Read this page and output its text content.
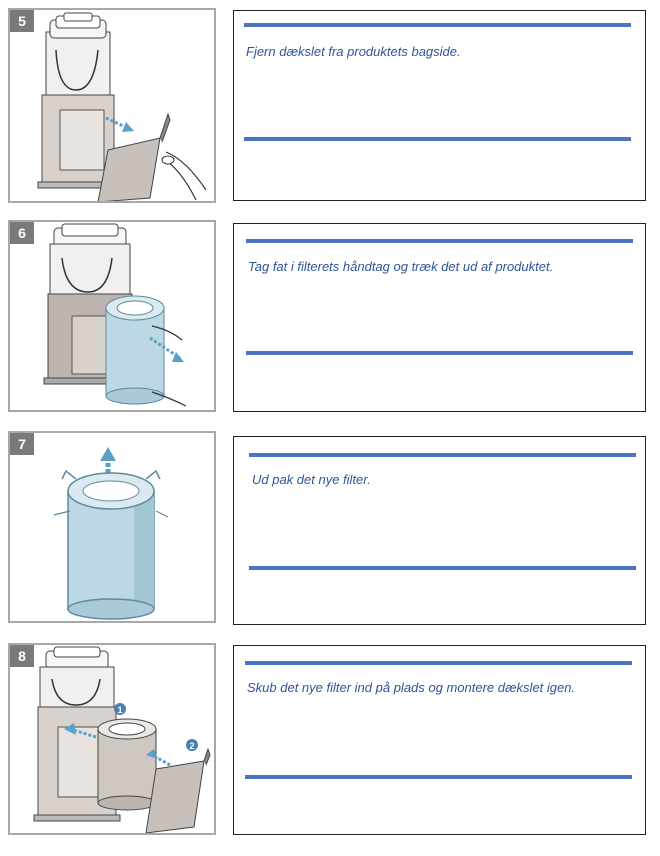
5
Fjern dækslet fra produktets bagside.
6
Tag fat i filterets håndtag og træk det ud af produktet.
7
Ud pak det nye filter.
1
2
8
Skub det nye filter ind på plads og montere dækslet igen.
